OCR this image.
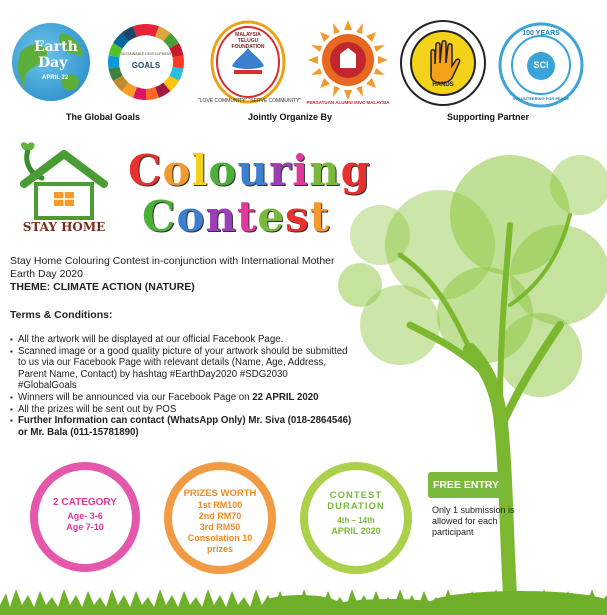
Earth
Day
APRIL 22
SUSTAINABLE DEVELOPMENT
GOALS
MALAYSIA TELUGU FOUNDATION
"LOVE COMMUNITY" "SERVE COMMUNITY"	PERSATUAN ALUMNI MIVC MALAYSIA
HANDS
100 YEARS
SCI
VOLUNTEERING FOR PEACE
The Global Goals	Jointly Organize By	Supporting Partner
STAY HOME
Colouring
Contest
Stay Home Colouring Contest in-conjunction with International Mother Earth Day 2020
THEME: CLIMATE ACTION (NATURE)
Terms & Conditions:
▪ All the artwork will be displayed at our official Facebook Page.
▪ Scanned image or a good quality picture of your artwork should be submitted to us via our Facebook Page with relevant details (Name, Age, Address, Parent Name, Contact) by hashtag #EarthDay2020 #SDG2030 #GlobalGoals
▪ Winners will be announced via our Facebook Page on 22 APRIL 2020
▪ All the prizes will be sent out by POS
▪ Further Information can contact (WhatsApp Only) Mr. Siva (018-2864546)
or Mr. Bala (011-15781890)
2 CATEGORY
Age- 3-6
Age 7-10
PRIZES WORTH
1st RM100
2nd RM70
3rd RM50
Consolation 10 prizes
CONTEST DURATION
4th – 14th
APRIL 2020
FREE ENTRY
Only 1 submission is allowed for each participant
